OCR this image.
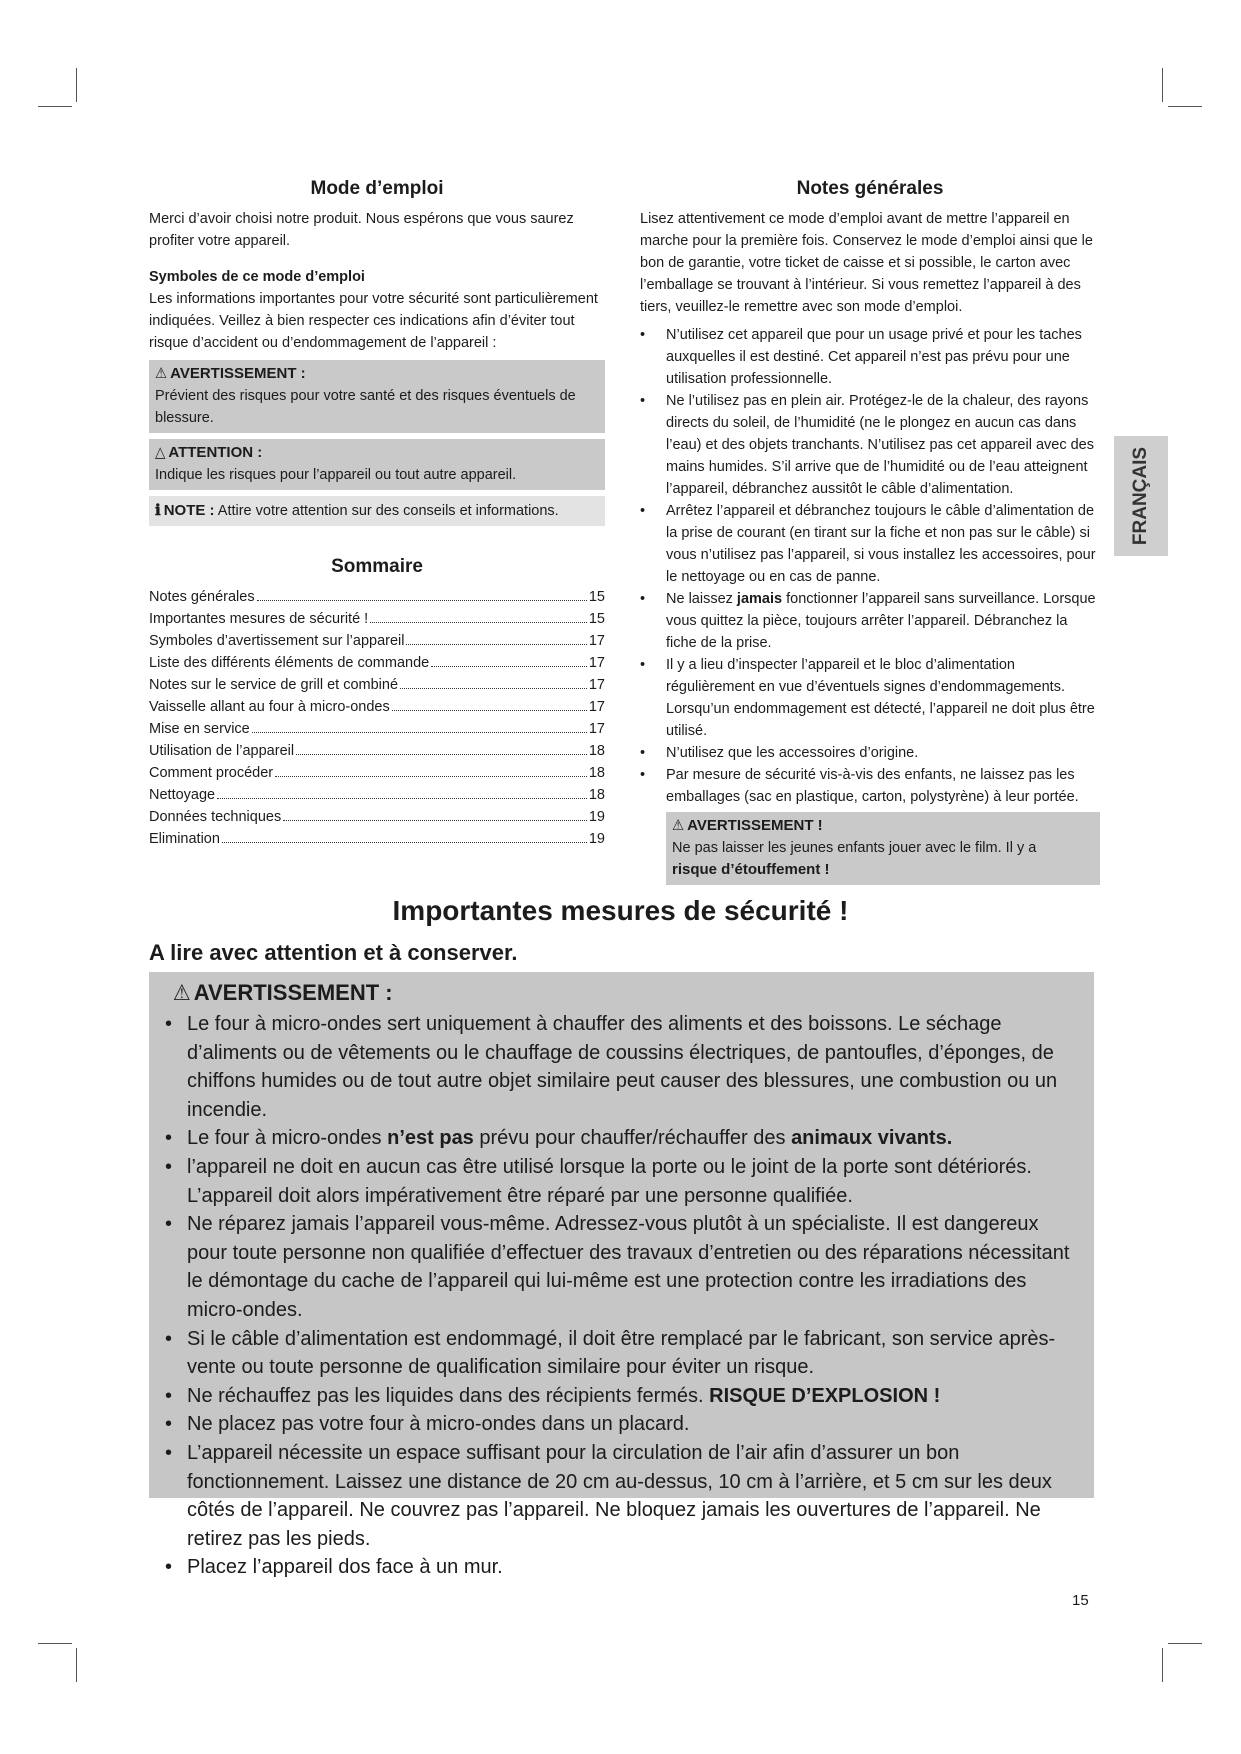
Mode d’emploi

Merci d’avoir choisi notre produit. Nous espérons que vous saurez profiter votre appareil.

Symboles de ce mode d’emploi

Les informations importantes pour votre sécurité sont particulièrement indiquées. Veillez à bien respecter ces indications afin d’éviter tout risque d’accident ou d’endommagement de l’appareil :

⚠ AVERTISSEMENT :
Prévient des risques pour votre santé et des risques éventuels de blessure.
△ ATTENTION :
Indique les risques pour l’appareil ou tout autre appareil.
ℹ NOTE : Attire votre attention sur des conseils et informations.
Sommaire
Notes générales	15
Importantes mesures de sécurité !	15
Symboles d’avertissement sur l’appareil	17
Liste des différents éléments de commande	17
Notes sur le service de grill et combiné	17
Vaisselle allant au four à micro-ondes	17
Mise en service	17
Utilisation de l’appareil	18
Comment procéder	18
Nettoyage	18
Données techniques	19
Elimination	19
Notes générales

Lisez attentivement ce mode d’emploi avant de mettre l’appareil en marche pour la première fois. Conservez le mode d’emploi ainsi que le bon de garantie, votre ticket de caisse et si possible, le carton avec l’emballage se trouvant à l’intérieur. Si vous remettez l’appareil à des tiers, veuillez-le remettre avec son mode d’emploi.

• N’utilisez cet appareil que pour un usage privé et pour les taches auxquelles il est destiné. Cet appareil n’est pas prévu pour une utilisation professionnelle.
• Ne l’utilisez pas en plein air. Protégez-le de la chaleur, des rayons directs du soleil, de l’humidité (ne le plongez en aucun cas dans l’eau) et des objets tranchants. N’utilisez pas cet appareil avec des mains humides. S’il arrive que de l’humidité ou de l’eau atteignent l’appareil, débranchez aussitôt le câble d’alimentation.
• Arrêtez l’appareil et débranchez toujours le câble d’alimentation de la prise de courant (en tirant sur la fiche et non pas sur le câble) si vous n’utilisez pas l’appareil, si vous installez les accessoires, pour le nettoyage ou en cas de panne.
• Ne laissez jamais fonctionner l’appareil sans surveillance. Lorsque vous quittez la pièce, toujours arrêter l’appareil. Débranchez la fiche de la prise.
• Il y a lieu d’inspecter l’appareil et le bloc d’alimentation régulièrement en vue d’éventuels signes d’endommagements. Lorsqu’un endommagement est détecté, l’appareil ne doit plus être utilisé.
• N’utilisez que les accessoires d’origine.
• Par mesure de sécurité vis-à-vis des enfants, ne laissez pas les emballages (sac en plastique, carton, polystyrène) à leur portée.
⚠ AVERTISSEMENT !
Ne pas laisser les jeunes enfants jouer avec le film. Il y a
risque d’étouffement !
FRANÇAIS
Importantes mesures de sécurité !
A lire avec attention et à conserver.
⚠ AVERTISSEMENT :
• Le four à micro-ondes sert uniquement à chauffer des aliments et des boissons. Le séchage d’aliments ou de vêtements ou le chauffage de coussins électriques, de pantoufles, d’éponges, de chiffons humides ou de tout autre objet similaire peut causer des blessures, une combustion ou un incendie.
• Le four à micro-ondes n’est pas prévu pour chauffer/réchauffer des animaux vivants.
• l’appareil ne doit en aucun cas être utilisé lorsque la porte ou le joint de la porte sont détériorés. L’appareil doit alors impérativement être réparé par une personne qualifiée.
• Ne réparez jamais l’appareil vous-même. Adressez-vous plutôt à un spécialiste. Il est dangereux pour toute personne non qualifiée d’effectuer des travaux d’entretien ou des réparations nécessitant le démontage du cache de l’appareil qui lui-même est une protection contre les irradiations des micro-ondes.
• Si le câble d’alimentation est endommagé, il doit être remplacé par le fabricant, son service après-vente ou toute personne de qualification similaire pour éviter un risque.
• Ne réchauffez pas les liquides dans des récipients fermés. RISQUE D’EXPLOSION !
• Ne placez pas votre four à micro-ondes dans un placard.
• L’appareil nécessite un espace suffisant pour la circulation de l’air afin d’assurer un bon fonctionnement. Laissez une distance de 20 cm au-dessus, 10 cm à l’arrière, et 5 cm sur les deux côtés de l’appareil. Ne couvrez pas l’appareil. Ne bloquez jamais les ouvertures de l’appareil. Ne retirez pas les pieds.
• Placez l’appareil dos face à un mur.
15
